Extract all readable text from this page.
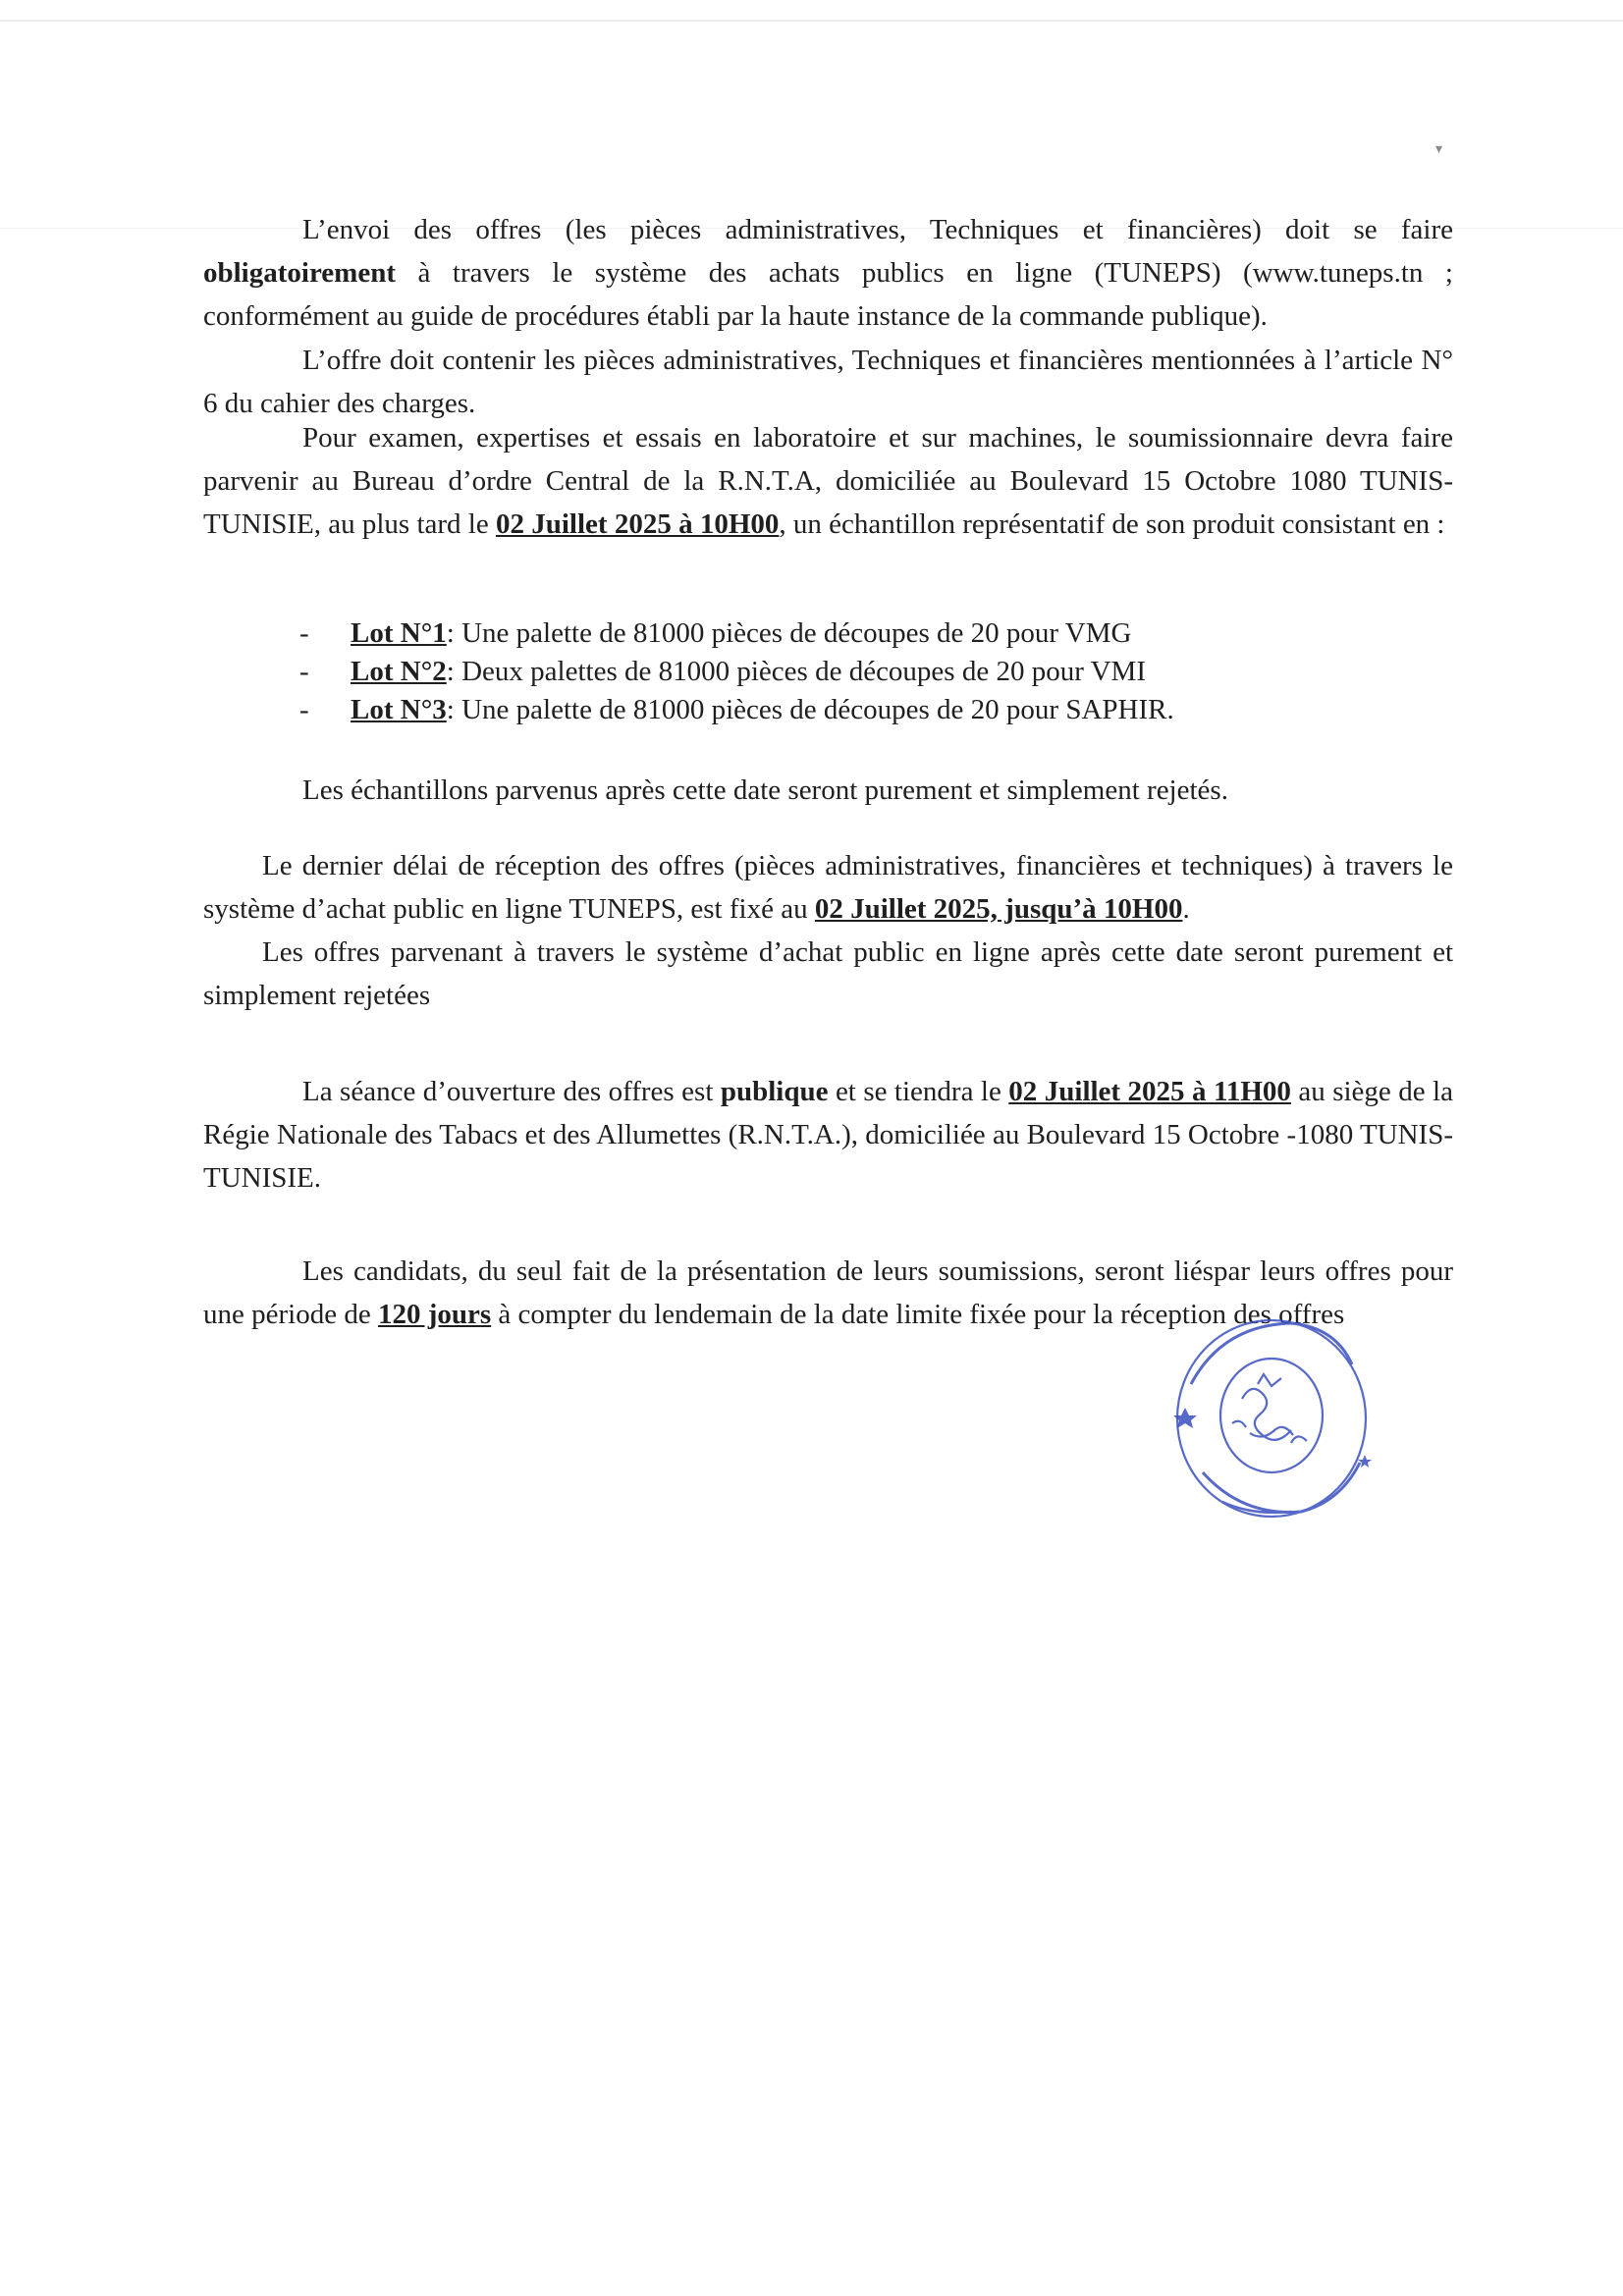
▾

L’envoi des offres (les pièces administratives, Techniques et financières) doit se faire

obligatoirement à travers le système des achats publics en ligne (TUNEPS) (www.tuneps.tn ;

conformément au guide de procédures établi par la haute instance de la commande publique).

L’offre doit contenir les pièces administratives, Techniques et financières mentionnées à l’article N° 6 du cahier des charges.

Pour examen, expertises et essais en laboratoire et sur machines, le soumissionnaire devra faire parvenir au Bureau d’ordre Central de la R.N.T.A, domiciliée au Boulevard 15 Octobre 1080 TUNIS-TUNISIE, au plus tard le 02 Juillet 2025 à 10H00, un échantillon représentatif de son produit consistant en :

- Lot N°1: Une palette de 81000 pièces de découpes de 20 pour VMG
- Lot N°2: Deux palettes de 81000 pièces de découpes de 20 pour VMI
- Lot N°3: Une palette de 81000 pièces de découpes de 20 pour SAPHIR.

Les échantillons parvenus après cette date seront purement et simplement rejetés.

Le dernier délai de réception des offres (pièces administratives, financières et techniques) à travers le système d’achat public en ligne TUNEPS, est fixé au 02 Juillet 2025, jusqu’à 10H00.

Les offres parvenant à travers le système d’achat public en ligne après cette date seront purement et simplement rejetées

La séance d’ouverture des offres est publique et se tiendra le 02 Juillet 2025 à 11H00 au siège de la Régie Nationale des Tabacs et des Allumettes (R.N.T.A.), domiciliée au Boulevard 15 Octobre -1080 TUNIS-TUNISIE.

Les candidats, du seul fait de la présentation de leurs soumissions, seront liéspar leurs offres pour une période de 120 jours à compter du lendemain de la date limite fixée pour la réception des offres
